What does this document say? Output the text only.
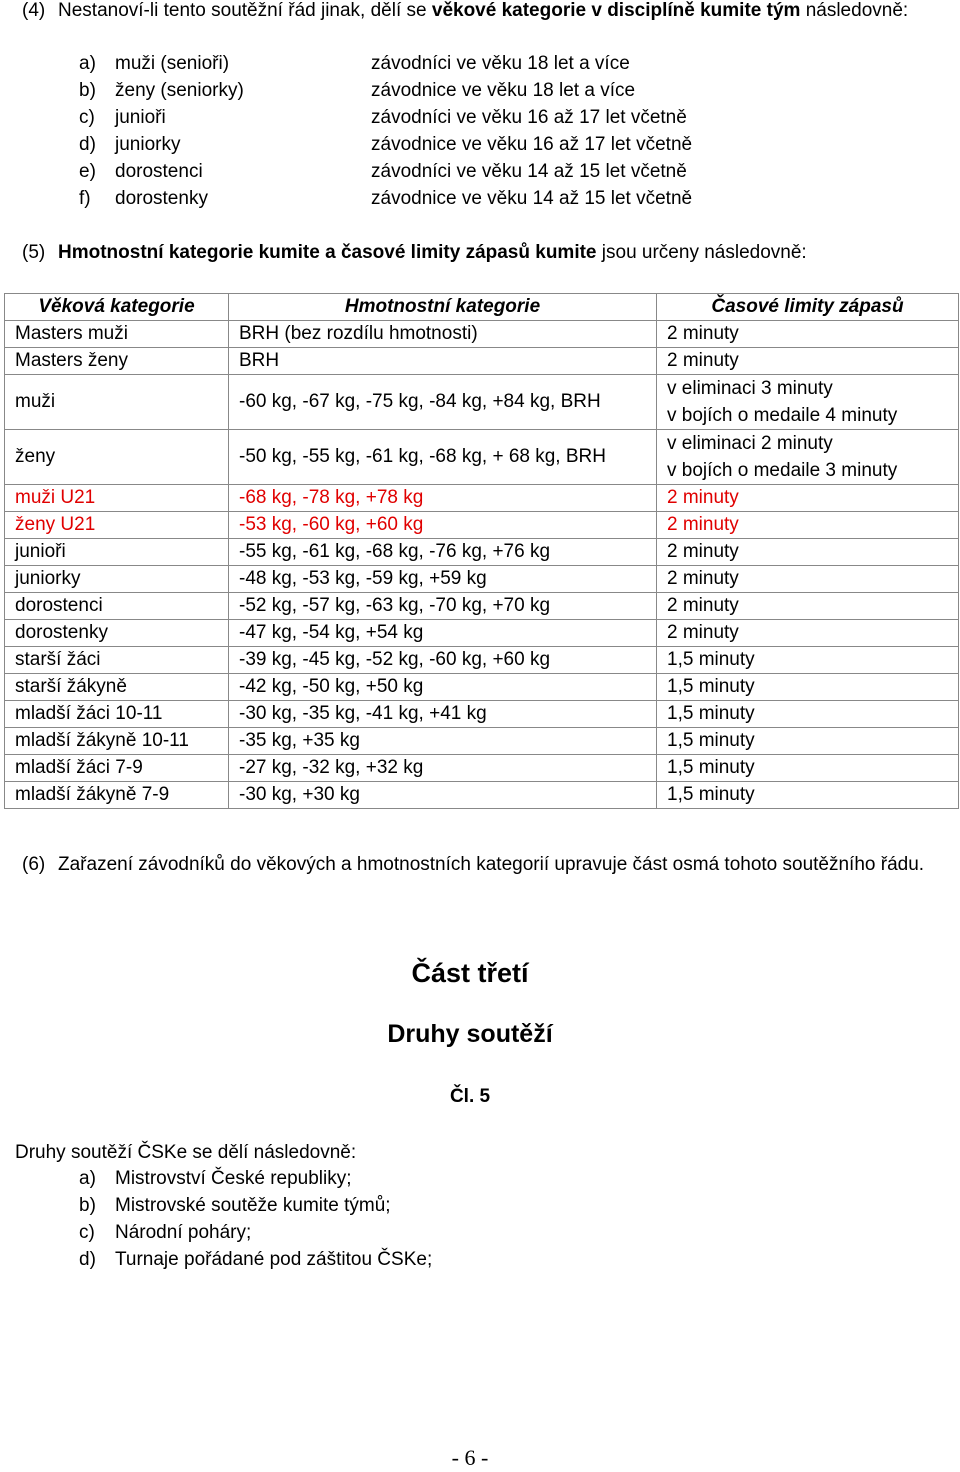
(4) Nestanoví-li tento soutěžní řád jinak, dělí se věkové kategorie v disciplíně kumite tým následovně:
a) muži (senioři)	závodníci ve věku 18 let a více
b) ženy (seniorky)	závodnice ve věku 18 let a více
c) junioři	závodníci ve věku 16 až 17 let včetně
d) juniorky	závodnice ve věku 16 až 17 let včetně
e) dorostenci	závodníci ve věku 14 až 15 let včetně
f) dorostenky	závodnice ve věku 14 až 15 let včetně
(5) Hmotnostní kategorie kumite a časové limity zápasů kumite jsou určeny následovně:
Věková kategorie	Hmotnostní kategorie	Časové limity zápasů
Masters muži	BRH (bez rozdílu hmotnosti)	2 minuty
Masters ženy	BRH	2 minuty
muži	-60 kg, -67 kg, -75 kg, -84 kg, +84 kg, BRH	v eliminaci 3 minuty
v bojích o medaile 4 minuty

ženy	-50 kg, -55 kg, -61 kg, -68 kg, + 68 kg, BRH	v eliminaci 2 minuty
v bojích o medaile 3 minuty

muži U21	-68 kg, -78 kg, +78 kg	2 minuty
ženy U21	-53 kg, -60 kg, +60 kg	2 minuty
junioři	-55 kg, -61 kg, -68 kg, -76 kg, +76 kg	2 minuty
juniorky	-48 kg, -53 kg, -59 kg, +59 kg	2 minuty
dorostenci	-52 kg, -57 kg, -63 kg, -70 kg, +70 kg	2 minuty
dorostenky	-47 kg, -54 kg, +54 kg	2 minuty
starší žáci	-39 kg, -45 kg, -52 kg, -60 kg, +60 kg	1,5 minuty
starší žákyně	-42 kg, -50 kg, +50 kg	1,5 minuty
mladší žáci 10-11	-30 kg, -35 kg, -41 kg, +41 kg	1,5 minuty
mladší žákyně 10-11	-35 kg, +35 kg	1,5 minuty
mladší žáci 7-9	-27 kg, -32 kg, +32 kg	1,5 minuty
mladší žákyně 7-9	-30 kg, +30 kg	1,5 minuty
(6) Zařazení závodníků do věkových a hmotnostních kategorií upravuje část osmá tohoto soutěžního řádu.
Část třetí
Druhy soutěží
Čl. 5
Druhy soutěží ČSKe se dělí následovně:
a) Mistrovství České republiky;
b) Mistrovské soutěže kumite týmů;
c) Národní poháry;
d) Turnaje pořádané pod záštitou ČSKe;
- 6 -
